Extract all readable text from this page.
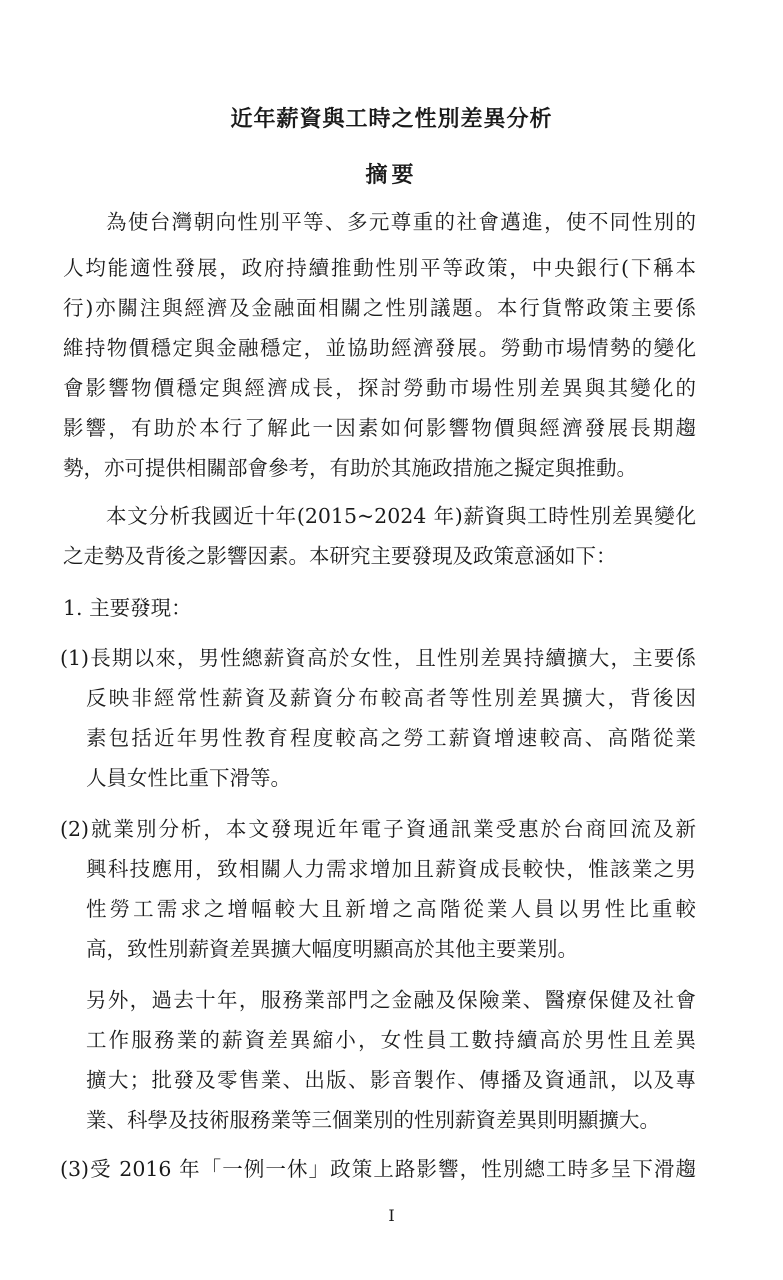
近年薪資與工時之性別差異分析
摘要

為使台灣朝向性別平等、多元尊重的社會邁進，使不同性別的

人均能適性發展，政府持續推動性別平等政策，中央銀行(下稱本

行)亦關注與經濟及金融面相關之性別議題。本行貨幣政策主要係

維持物價穩定與金融穩定，並協助經濟發展。勞動市場情勢的變化

會影響物價穩定與經濟成長，探討勞動市場性別差異與其變化的

影響，有助於本行了解此一因素如何影響物價與經濟發展長期趨

勢，亦可提供相關部會參考，有助於其施政措施之擬定與推動。

本文分析我國近十年(2015~2024 年)薪資與工時性別差異變化

之走勢及背後之影響因素。本研究主要發現及政策意涵如下：

1. 主要發現：

(1)長期以來，男性總薪資高於女性，且性別差異持續擴大，主要係

反映非經常性薪資及薪資分布較高者等性別差異擴大，背後因

素包括近年男性教育程度較高之勞工薪資增速較高、高階從業

人員女性比重下滑等。

(2)就業別分析，本文發現近年電子資通訊業受惠於台商回流及新

興科技應用，致相關人力需求增加且薪資成長較快，惟該業之男

性勞工需求之增幅較大且新增之高階從業人員以男性比重較

高，致性別薪資差異擴大幅度明顯高於其他主要業別。

另外，過去十年，服務業部門之金融及保險業、醫療保健及社會

工作服務業的薪資差異縮小，女性員工數持續高於男性且差異

擴大；批發及零售業、出版、影音製作、傳播及資通訊，以及專

業、科學及技術服務業等三個業別的性別薪資差異則明顯擴大。

(3)受 2016 年「一例一休」政策上路影響，性別總工時多呈下滑趨

I
